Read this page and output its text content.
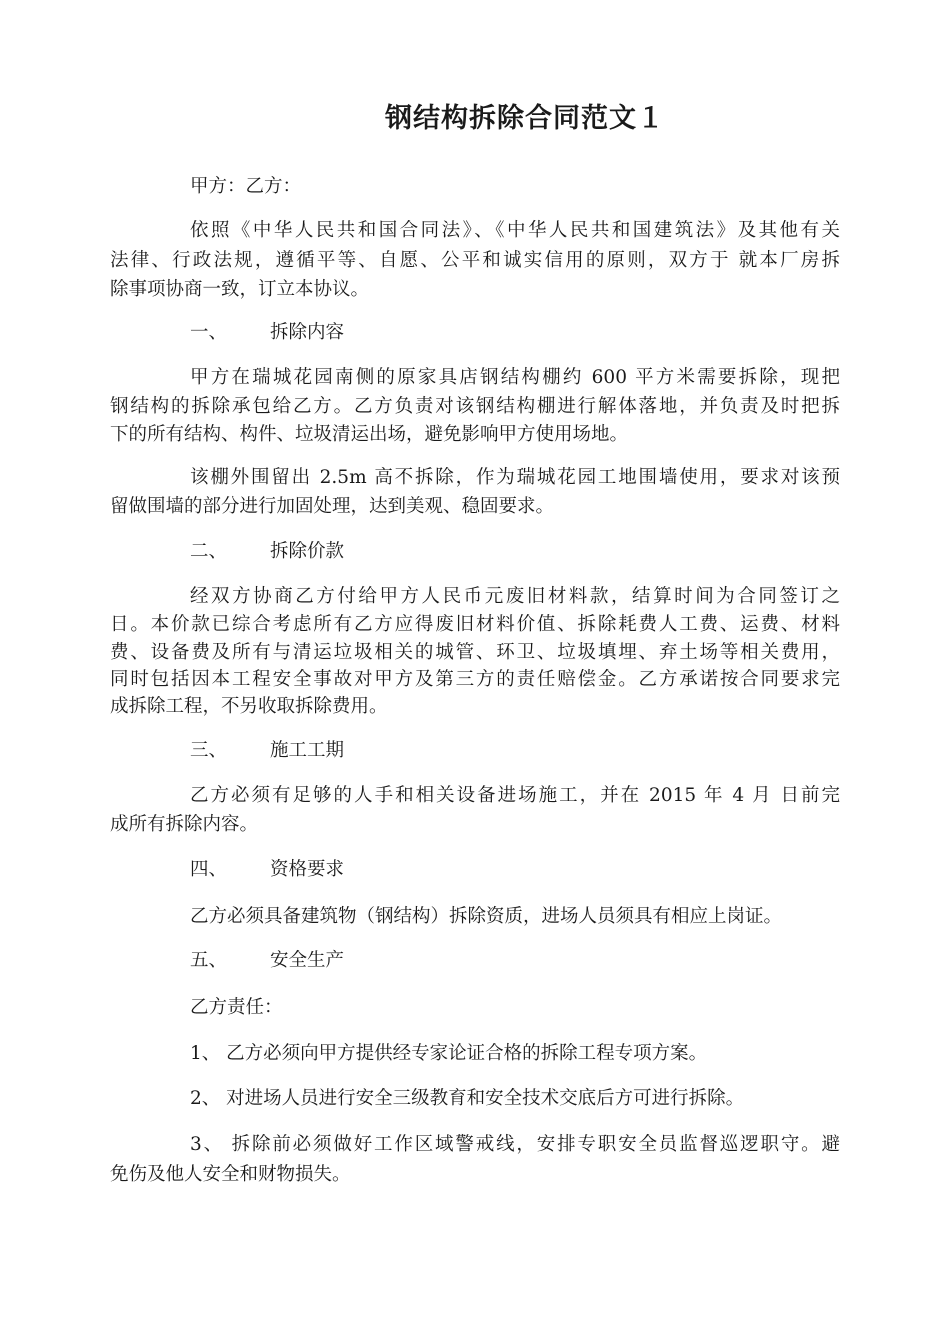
钢结构拆除合同范文１
甲方：乙方：
依照《中华人民共和国合同法》、《中华人民共和国建筑法》及其他有关
法律、行政法规，遵循平等、自愿、公平和诚实信用的原则，双方于 就本厂房拆
除事项协商一致，订立本协议。
一、 拆除内容
甲方在瑞城花园南侧的原家具店钢结构棚约 600 平方米需要拆除，现把
钢结构的拆除承包给乙方。乙方负责对该钢结构棚进行解体落地，并负责及时把拆
下的所有结构、构件、垃圾清运出场，避免影响甲方使用场地。
该棚外围留出 2.5m 高不拆除，作为瑞城花园工地围墙使用，要求对该预
留做围墙的部分进行加固处理，达到美观、稳固要求。
二、 拆除价款
经双方协商乙方付给甲方人民币元废旧材料款，结算时间为合同签订之
日。本价款已综合考虑所有乙方应得废旧材料价值、拆除耗费人工费、运费、材料
费、设备费及所有与清运垃圾相关的城管、环卫、垃圾填埋、弃土场等相关费用，
同时包括因本工程安全事故对甲方及第三方的责任赔偿金。乙方承诺按合同要求完
成拆除工程，不另收取拆除费用。
三、 施工工期
乙方必须有足够的人手和相关设备进场施工，并在 2015 年 4 月 日前完
成所有拆除内容。
四、 资格要求
乙方必须具备建筑物（钢结构）拆除资质，进场人员须具有相应上岗证。
五、 安全生产
乙方责任：
1、 乙方必须向甲方提供经专家论证合格的拆除工程专项方案。
2、 对进场人员进行安全三级教育和安全技术交底后方可进行拆除。
3、 拆除前必须做好工作区域警戒线，安排专职安全员监督巡逻职守。避
免伤及他人安全和财物损失。
